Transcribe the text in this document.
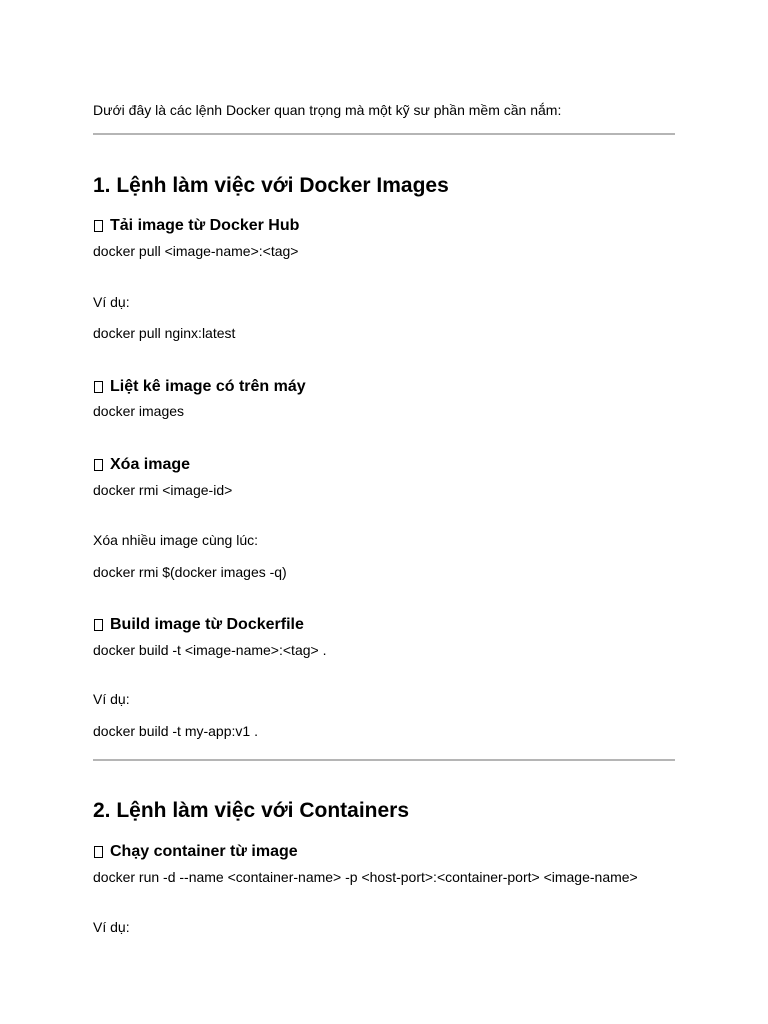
Dưới đây là các lệnh Docker quan trọng mà một kỹ sư phần mềm cần nắm:
1. Lệnh làm việc với Docker Images
Tải image từ Docker Hub
docker pull <image-name>:<tag>
Ví dụ:
docker pull nginx:latest
Liệt kê image có trên máy
docker images
Xóa image
docker rmi <image-id>
Xóa nhiều image cùng lúc:
docker rmi $(docker images -q)
Build image từ Dockerfile
docker build -t <image-name>:<tag> .
Ví dụ:
docker build -t my-app:v1 .
2. Lệnh làm việc với Containers
Chạy container từ image
docker run -d --name <container-name> -p <host-port>:<container-port> <image-name>
Ví dụ:
